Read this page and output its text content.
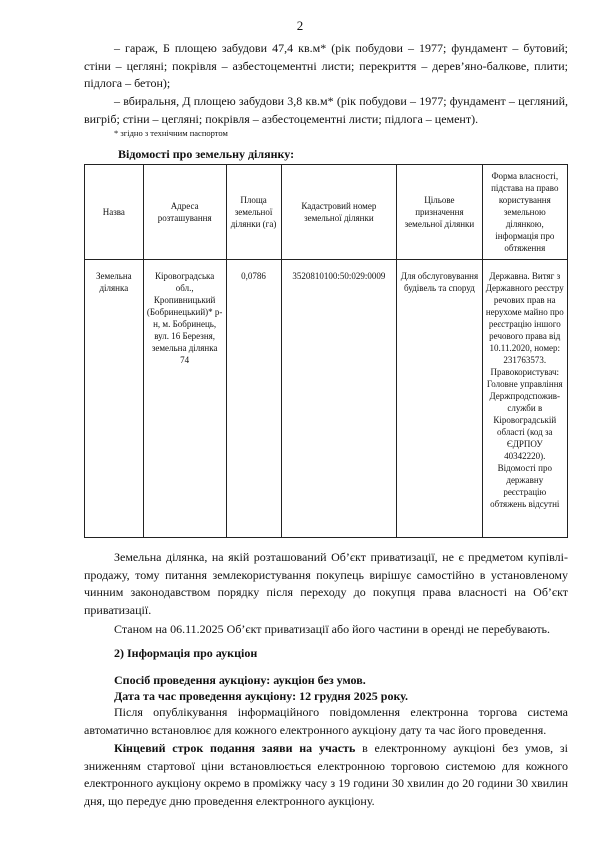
2

– гараж, Б площею забудови 47,4 кв.м* (рік побудови – 1977; фундамент – бутовий; стіни – цегляні; покрівля – азбестоцементні листи; перекриття – дерев’яно-балкове, плити; підлога – бетон);

– вбиральня, Д площею забудови 3,8 кв.м* (рік побудови – 1977; фундамент – цегляний, вигріб; стіни – цегляні; покрівля – азбестоцементні листи; підлога – цемент).

* згідно з технічним паспортом

Відомості про земельну ділянку:

Назва	Адреса розташування	Площа земельної ділянки (га)	Кадастровий номер земельної ділянки	Цільове призначення земельної ділянки	Форма власності, підстава на право користування земельною ділянкою, інформація про обтяження
Земельна ділянка	Кіровоградська обл., Кропивницький (Бобринецький)* р-н, м. Бобринець, вул. 16 Березня, земельна ділянка 74	0,0786	3520810100:50:029:0009	Для обслуговування будівель та споруд	Державна. Витяг з Державного реєстру речових прав на нерухоме майно про реєстрацію іншого речового права від 10.11.2020, номер: 231763573. Правокористувач: Головне управління Держпродспожив-служби в Кіровоградській області (код за ЄДРПОУ 40342220). Відомості про державну реєстрацію обтяжень відсутні

Земельна ділянка, на якій розташований Об’єкт приватизації, не є предметом купівлі-продажу, тому питання землекористування покупець вирішує самостійно в установленому чинним законодавством порядку після переходу до покупця права власності на Об’єкт приватизації.

Станом на 06.11.2025 Об’єкт приватизації або його частини в оренді не перебувають.

2) Інформація про аукціон

Спосіб проведення аукціону: аукціон без умов.

Дата та час проведення аукціону: 12 грудня 2025 року.

Після опублікування інформаційного повідомлення електронна торгова система автоматично встановлює для кожного електронного аукціону дату та час його проведення.

Кінцевий строк подання заяви на участь в електронному аукціоні без умов, зі зниженням стартової ціни встановлюється електронною торговою системою для кожного електронного аукціону окремо в проміжку часу з 19 години 30 хвилин до 20 години 30 хвилин дня, що передує дню проведення електронного аукціону.
